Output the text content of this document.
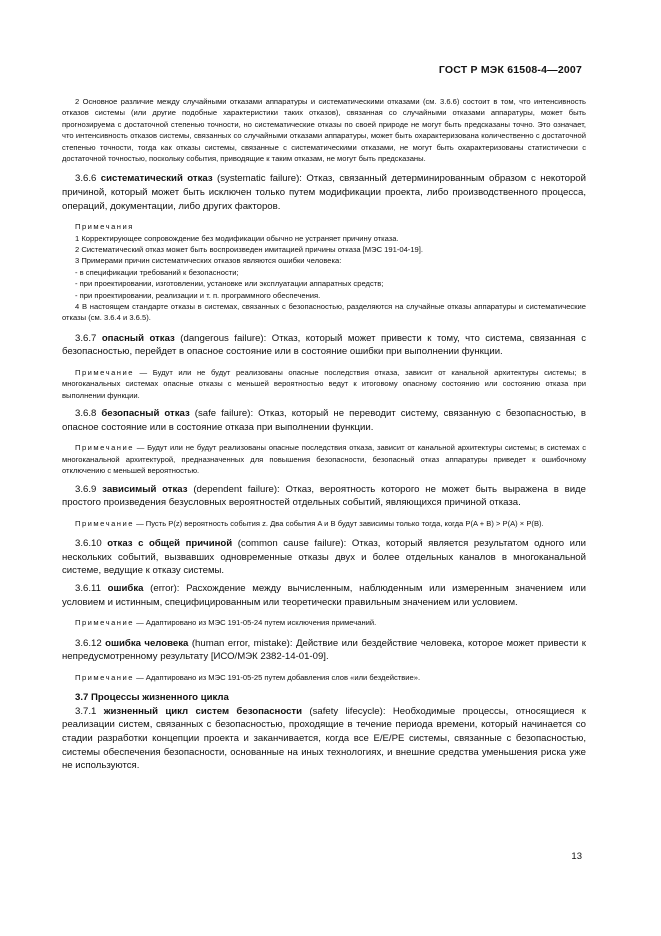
ГОСТ Р МЭК 61508-4—2007

2 Основное различие между случайными отказами аппаратуры и систематическими отказами (см. 3.6.6) состоит в том, что интенсивность отказов системы (или другие подобные характеристики таких отказов), связанная со случайными отказами аппаратуры, может быть прогнозируема с достаточной степенью точности, но систематические отказы по своей природе не могут быть предсказаны точно. Это означает, что интенсивность отказов системы, связанных со случайными отказами аппаратуры, может быть охарактеризована количественно с достаточной степенью точности, тогда как отказы системы, связанные с систематическими отказами, не могут быть охарактеризованы статистически с достаточной точностью, поскольку события, приводящие к таким отказам, не могут быть предсказаны.

3.6.6 систематический отказ (systematic failure): Отказ, связанный детерминированным образом с некоторой причиной, который может быть исключен только путем модификации проекта, либо производственного процесса, операций, документации, либо других факторов.

Примечания

1 Корректирующее сопровождение без модификации обычно не устраняет причину отказа.

2 Систематический отказ может быть воспроизведен имитацией причины отказа [МЭС 191-04-19].

3 Примерами причин систематических отказов являются ошибки человека:

- в спецификации требований к безопасности;

- при проектировании, изготовлении, установке или эксплуатации аппаратных средств;

- при проектировании, реализации и т. п. программного обеспечения.

4 В настоящем стандарте отказы в системах, связанных с безопасностью, разделяются на случайные отказы аппаратуры и систематические отказы (см. 3.6.4 и 3.6.5).

3.6.7 опасный отказ (dangerous failure): Отказ, который может привести к тому, что система, связанная с безопасностью, перейдет в опасное состояние или в состояние ошибки при выполнении функции.

Примечание — Будут или не будут реализованы опасные последствия отказа, зависит от канальной архитектуры системы; в многоканальных системах опасные отказы с меньшей вероятностью ведут к итоговому опасному состоянию или состоянию отказа при выполнении функции.

3.6.8 безопасный отказ (safe failure): Отказ, который не переводит систему, связанную с безопасностью, в опасное состояние или в состояние отказа при выполнении функции.

Примечание — Будут или не будут реализованы опасные последствия отказа, зависит от канальной архитектуры системы; в системах с многоканальной архитектурой, предназначенных для повышения безопасности, безопасный отказ аппаратуры приведет к ошибочному отключению с меньшей вероятностью.

3.6.9 зависимый отказ (dependent failure): Отказ, вероятность которого не может быть выражена в виде простого произведения безусловных вероятностей отдельных событий, являющихся причиной отказа.

Примечание — Пусть P(z) вероятность события z. Два события A и B будут зависимы только тогда, когда P(A + B) > P(A) × P(B).

3.6.10 отказ с общей причиной (common cause failure): Отказ, который является результатом одного или нескольких событий, вызвавших одновременные отказы двух и более отдельных каналов в многоканальной системе, ведущие к отказу системы.

3.6.11 ошибка (error): Расхождение между вычисленным, наблюденным или измеренным значением или условием и истинным, специфицированным или теоретически правильным значением или условием.

Примечание — Адаптировано из МЭС 191-05-24 путем исключения примечаний.

3.6.12 ошибка человека (human error, mistake): Действие или бездействие человека, которое может привести к непредусмотренному результату [ИСО/МЭК 2382-14-01-09].

Примечание — Адаптировано из МЭС 191-05-25 путем добавления слов «или бездействие».

3.7 Процессы жизненного цикла

3.7.1 жизненный цикл систем безопасности (safety lifecycle): Необходимые процессы, относящиеся к реализации систем, связанных с безопасностью, проходящие в течение периода времени, который начинается со стадии разработки концепции проекта и заканчивается, когда все E/E/PE системы, связанные с безопасностью, системы обеспечения безопасности, основанные на иных технологиях, и внешние средства уменьшения риска уже не используются.

13
